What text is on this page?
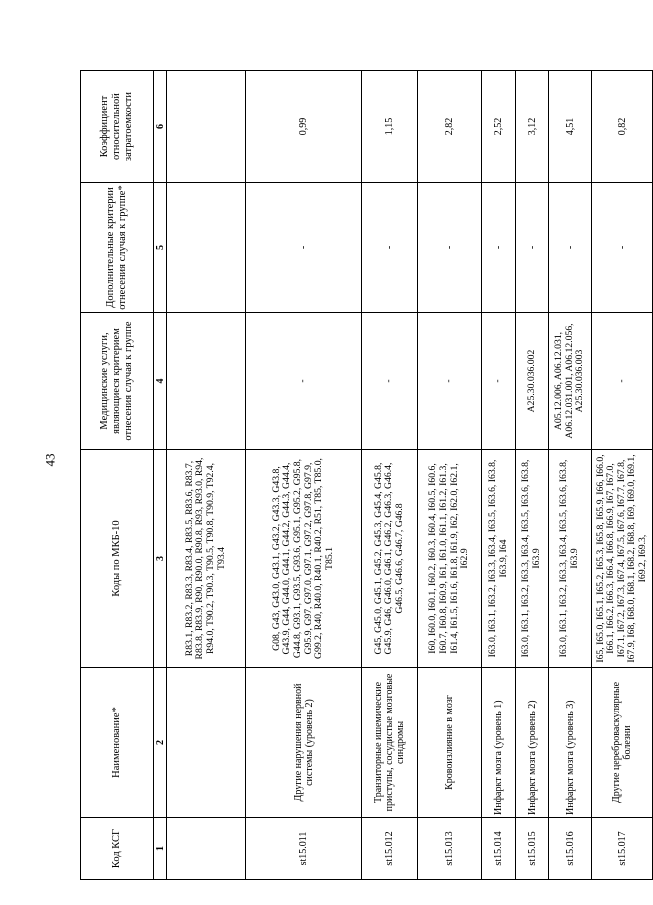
43
Код КСГ	Наименование*	Коды по МКБ-10	Медицинские услуги, являющиеся критерием отнесения случая к группе	Дополнительные критерии отнесения случая к группе*	Коэффициент относительной затратоемкости
1	2	3	4	5	6
		R83.1, R83.2, R83.3, R83.4, R83.5, R83.6, R83.7, R83.8, R83.9, R90, R90.0, R90.8, R93, R93.0, R94, R94.0, T90.2, T90.3, T90.5, T90.8, T90.9, T92.4, T93.4			
st15.011	Другие нарушения нервной системы (уровень 2)	G08, G43, G43.0, G43.1, G43.2, G43.3, G43.8, G43.9, G44, G44.0, G44.1, G44.2, G44.3, G44.4, G44.8, G93.1, G93.5, G93.6, G95.1, G95.2, G95.8, G95.9, G97, G97.0, G97.1, G97.2, G97.8, G97.9, G99.2, R40, R40.0, R40.1, R40.2, R51, T85, T85.0, T85.1	-	-	0,99
st15.012	Транзиторные ишемические приступы, сосудистые мозговые синдромы	G45, G45.0, G45.1, G45.2, G45.3, G45.4, G45.8, G45.9, G46, G46.0, G46.1, G46.2, G46.3, G46.4, G46.5, G46.6, G46.7, G46.8	-	-	1,15
st15.013	Кровоизлияние в мозг	I60, I60.0, I60.1, I60.2, I60.3, I60.4, I60.5, I60.6, I60.7, I60.8, I60.9, I61, I61.0, I61.1, I61.2, I61.3, I61.4, I61.5, I61.6, I61.8, I61.9, I62, I62.0, I62.1, I62.9	-	-	2,82
st15.014	Инфаркт мозга (уровень 1)	I63.0, I63.1, I63.2, I63.3, I63.4, I63.5, I63.6, I63.8, I63.9, I64	-	-	2,52
st15.015	Инфаркт мозга (уровень 2)	I63.0, I63.1, I63.2, I63.3, I63.4, I63.5, I63.6, I63.8, I63.9	A25.30.036.002	-	3,12
st15.016	Инфаркт мозга (уровень 3)	I63.0, I63.1, I63.2, I63.3, I63.4, I63.5, I63.6, I63.8, I63.9	A05.12.006, A06.12.031, A06.12.031.001, A06.12.056, A25.30.036.003	-	4,51
st15.017	Другие цереброваскулярные болезни	I65, I65.0, I65.1, I65.2, I65.3, I65.8, I65.9, I66, I66.0, I66.1, I66.2, I66.3, I66.4, I66.8, I66.9, I67, I67.0, I67.1, I67.2, I67.3, I67.4, I67.5, I67.6, I67.7, I67.8, I67.9, I68, I68.0, I68.1, I68.2, I68.8, I69, I69.0, I69.1, I69.2, I69.3,	-	-	0,82
